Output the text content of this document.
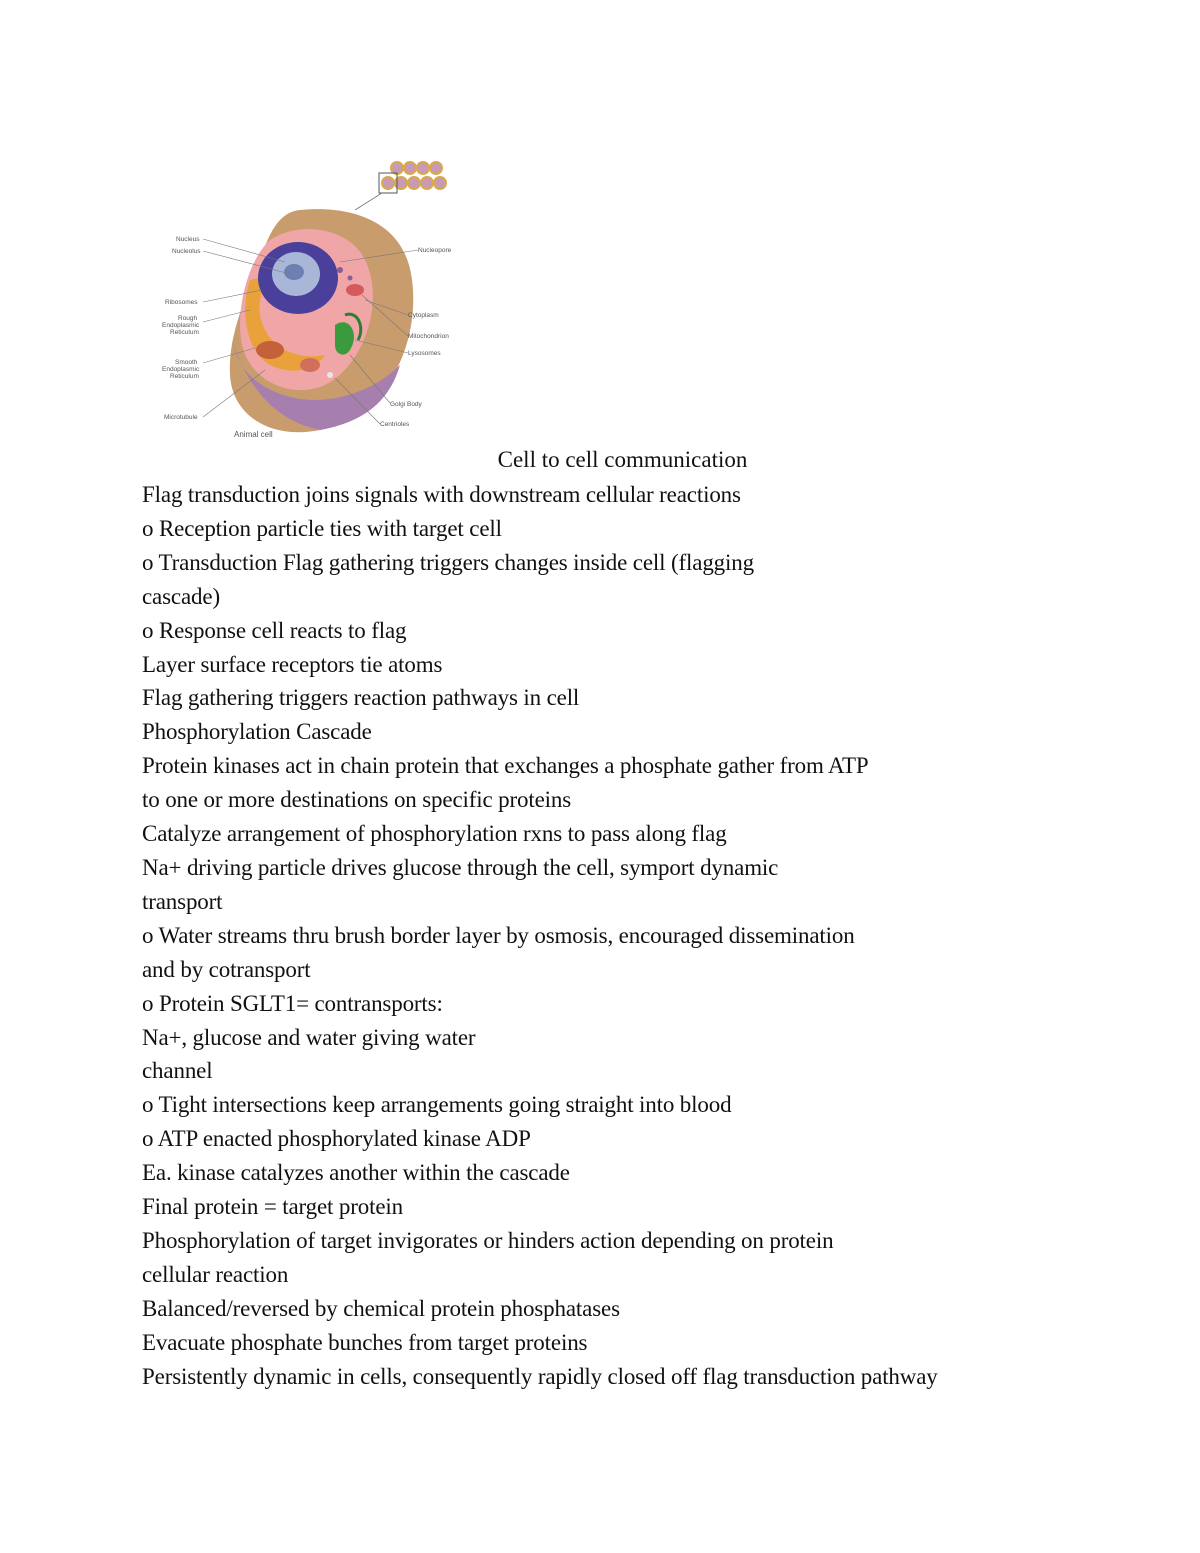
Nucleus
Nucleolus
Ribosomes
Rough
Endoplasmic
Reticulum
Smooth
Endoplasmic
Reticulum
Microtubule
Nucleopore
Cytoplasm
Mitochondrion
Lysosomes
Golgi Body
Centrioles
Animal cell
Cell to cell communication
Flag transduction joins signals with downstream cellular reactions
o Reception particle ties with target cell
o Transduction Flag gathering triggers changes inside cell (flagging
cascade)
o Response cell reacts to flag
Layer surface receptors tie atoms
Flag gathering triggers reaction pathways in cell
Phosphorylation Cascade
Protein kinases act in chain protein that exchanges a phosphate gather from ATP
to one or more destinations on specific proteins
Catalyze arrangement of phosphorylation rxns to pass along flag
Na+ driving particle drives glucose through the cell, symport dynamic
transport
o Water streams thru brush border layer by osmosis, encouraged dissemination
and by cotransport
o Protein SGLT1= contransports:
Na+, glucose and water giving water
channel
o Tight intersections keep arrangements going straight into blood
o ATP enacted phosphorylated kinase ADP
Ea. kinase catalyzes another within the cascade
Final protein = target protein
Phosphorylation of target invigorates or hinders action depending on protein
cellular reaction
Balanced/reversed by chemical protein phosphatases
Evacuate phosphate bunches from target proteins
Persistently dynamic in cells, consequently rapidly closed off flag transduction pathway
